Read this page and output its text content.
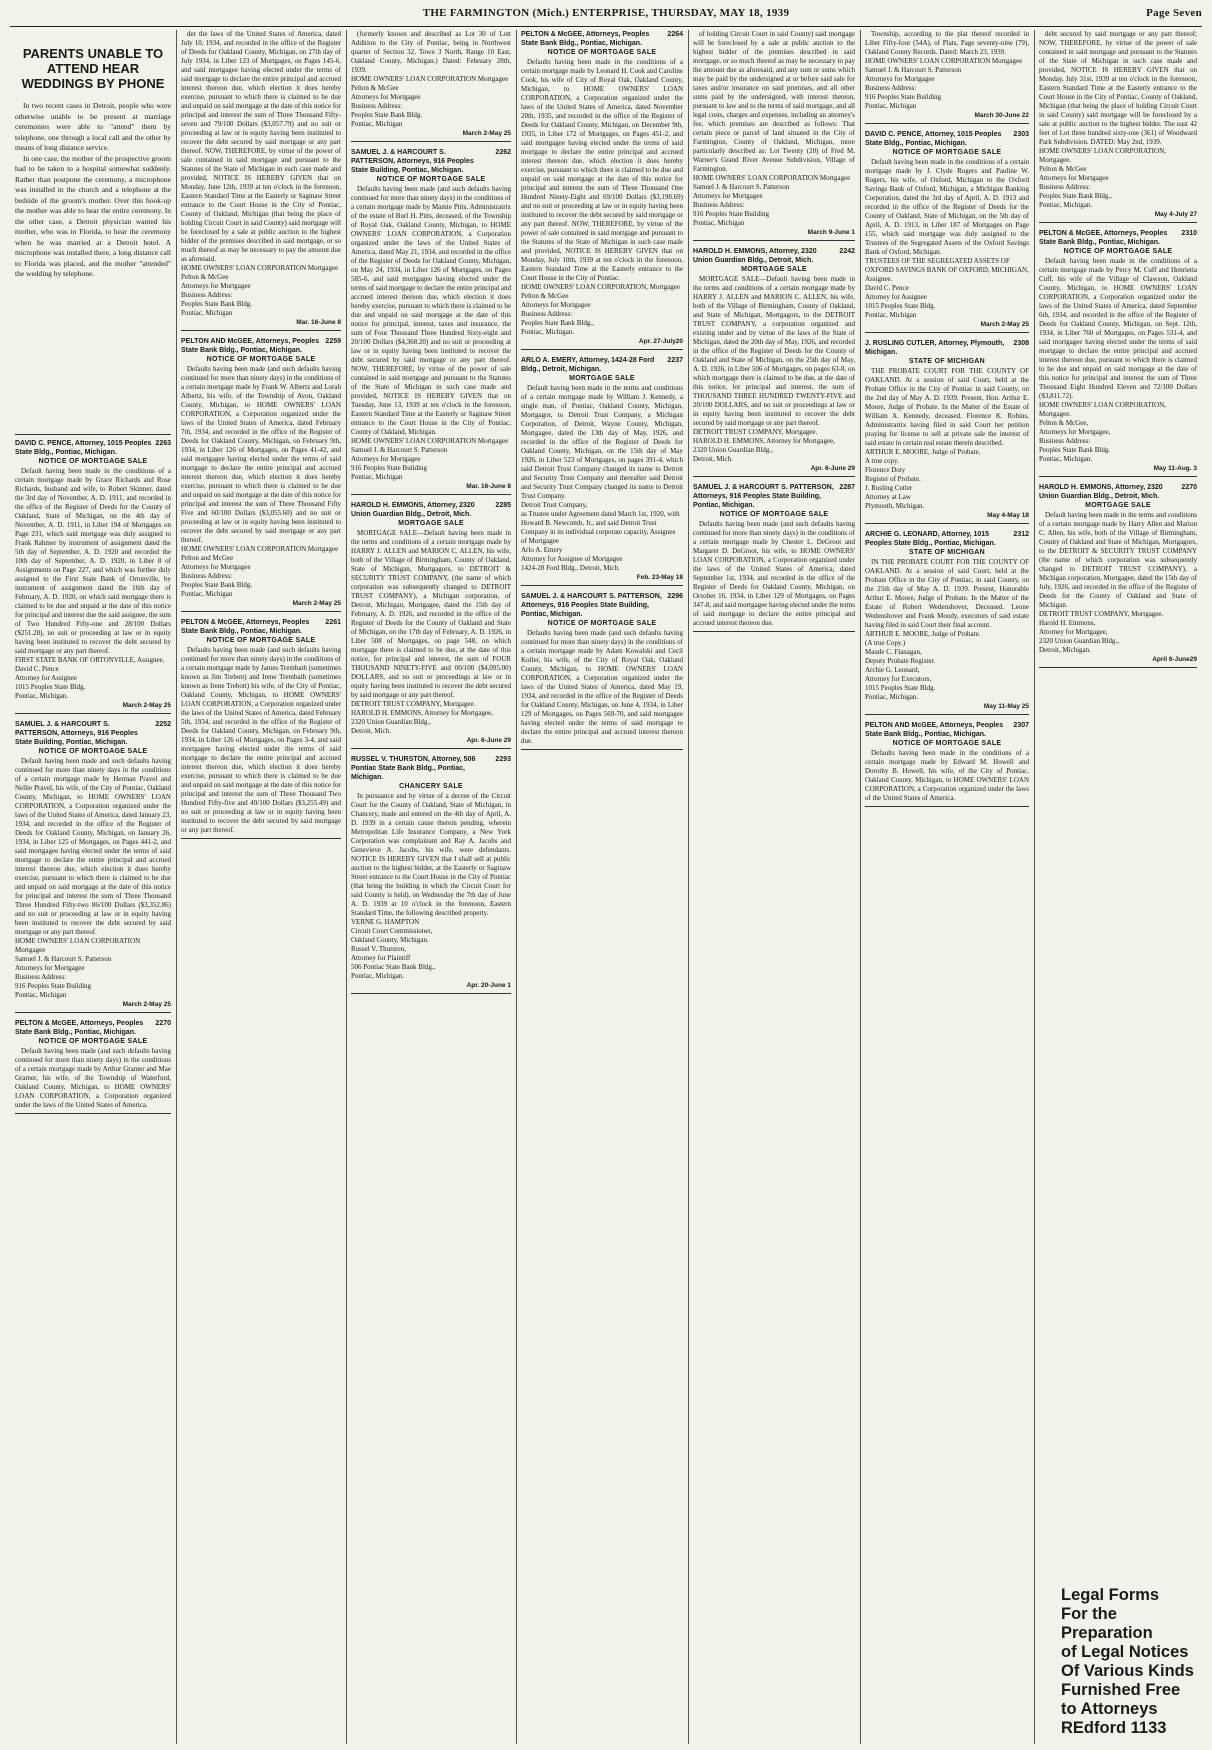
THE FARMINGTON (Mich.) ENTERPRISE, THURSDAY, MAY 18, 1939	Page Seven
PARENTS UNABLE TO ATTEND HEAR WEDDINGS BY PHONE

In two recent cases in Detroit, people who were otherwise unable to be present at marriage ceremonies were able to "attend" them by telephone, one through a local call and the other by means of long distance service.

In one case, the mother of the prospective groom had to be taken to a hospital somewhat suddenly. Rather than postpone the ceremony, a microphone was installed in the church and a telephone at the bedside of the groom's mother. Over this hook-up the mother was able to hear the entire ceremony. In the other case, a Detroit physician wanted his mother, who was in Florida, to hear the ceremony when he was married at a Detroit hotel. A microphone was installed there, a long distance call to Florida was placed, and the mother "attended" the wedding by telephone.

DAVID C. PENCE, Attorney, 1015 Peoples State Bldg., Pontiac, Michigan.
2263
NOTICE OF MORTGAGE SALE

Default having been made in the conditions of a certain mortgage made by Grace Richards and Rose Richards, husband and wife, to Robert Skinner, dated the 3rd day of November, A. D. 1911, and recorded in the office of the Register of Deeds for the County of Oakland, State of Michigan, on the 4th day of November, A. D. 1911, in Liber 194 of Mortgages on Page 231, which said mortgage was duly assigned to Frank Rahmer by instrument of assignment dated the 5th day of September, A. D. 1920 and recorded the 10th day of September, A. D. 1920, in Liber 8 of Assignments on Page 227, and which was further duly assigned to the First State Bank of Ortonville, by instrument of assignment dated the 16th day of February, A. D. 1920, on which said mortgage there is claimed to be due and unpaid at the date of this notice for principal and interest due the said assignee, the sum of Two Hundred Fifty-one and 28/100 Dollars ($251.28), no suit or proceeding at law or in equity having been instituted to recover the debt secured by said mortgage or any part thereof.

FIRST STATE BANK OF ORTONVILLE, Assignee.
David C. Pence
Attorney for Assignee
1015 Peoples State Bldg.
Pontiac, Michigan.
March 2-May 25
SAMUEL J. & HARCOURT S. PATTERSON, Attorneys, 916 Peoples State Building, Pontiac, Michigan.
2252
NOTICE OF MORTGAGE SALE

Default having been made and such defaults having continued for more than ninety days in the conditions of a certain mortgage made by Herman Pravel and Nellie Pravel, his wife, of the City of Pontiac, Oakland County, Michigan, to HOME OWNERS' LOAN CORPORATION, a Corporation organized under the laws of the United States of America, dated January 23, 1934, and recorded in the office of the Register of Deeds for Oakland County, Michigan, on January 26, 1934, in Liber 125 of Mortgages, on Pages 441-2, and said mortgagee having elected under the terms of said mortgage to declare the entire principal and accrued interest thereon due, which election it does hereby exercise, pursuant to which there is claimed to be due and unpaid on said mortgage at the date of this notice for principal and interest the sum of Three Thousand Three Hundred Fifty-two 86/100 Dollars ($3,352.86) and no suit or proceeding at law or in equity having been instituted to recover the debt secured by said mortgage or any part thereof.

HOME OWNERS' LOAN CORPORATION Mortgagee
Samuel J. & Harcourt S. Patterson
Attorneys for Mortgagee
Business Address:
916 Peoples State Building
Pontiac, Michigan
March 2-May 25
PELTON & McGEE, Attorneys, Peoples State Bank Bldg., Pontiac, Michigan.
2270
NOTICE OF MORTGAGE SALE

Default having been made (and such defaults having continued for more than ninety days) in the conditions of a certain mortgage made by Arthur Gramer and Mae Gramer, his wife, of the Township of Waterford, Oakland County, Michigan, to HOME OWNERS' LOAN CORPORATION, a Corporation organized under the laws of the United States of America.

der the laws of the United States of America, dated July 10, 1934, and recorded in the office of the Register of Deeds for Oakland County, Michigan, on 27th day of July 1934, in Liber 123 of Mortgages, on Pages 145-6, and said mortgagee having elected under the terms of said mortgage to declare the entire principal and accrued interest thereon due, which election it does hereby exercise, pursuant to which there is claimed to be due and unpaid on said mortgage at the date of this notice for principal and interest the sum of Three Thousand Fifty-seven and 79/100 Dollars ($3,057.79) and no suit or proceeding at law or in equity having been instituted to recover the debt secured by said mortgage or any part thereof. NOW, THEREFORE, by virtue of the power of sale contained in said mortgage and pursuant to the Statutes of the State of Michigan in such case made and provided, NOTICE IS HEREBY GIVEN that on Monday, June 12th, 1939 at ten o'clock in the forenoon, Eastern Standard Time at the Easterly or Saginaw Street entrance to the Court House in the City of Pontiac, County of Oakland, Michigan (that being the place of holding Circuit Court in said County) said mortgage will be foreclosed by a sale at public auction to the highest bidder of the premises described in said mortgage, or so much thereof as may be necessary to pay the amount due as aforesaid.

HOME OWNERS' LOAN CORPORATION Mortgagee
Pelton & McGee
Attorneys for Mortgagee
Business Address:
Peoples State Bank Bldg.
Pontiac, Michigan
Mar. 16-June 8
PELTON AND McGEE, Attorneys, Peoples State Bank Bldg., Pontiac, Michigan.
2259
NOTICE OF MORTGAGE SALE

Defaults having been made (and such defaults having continued for more than ninety days) in the conditions of a certain mortgage made by Frank W. Albertz and Lorah Albertz, his wife, of the Township of Avon, Oakland County, Michigan, to HOME OWNERS' LOAN CORPORATION, a Corporation organized under the laws of the United States of America, dated February 7th, 1934, and recorded in the office of the Register of Deeds for Oakland County, Michigan, on February 9th, 1934, in Liber 126 of Mortgages, on Pages 41-42, and said mortgagee having elected under the terms of said mortgage to declare the entire principal and accrued interest thereon due, which election it does hereby exercise, pursuant to which there is claimed to be due and unpaid on said mortgage at the date of this notice for principal and interest the sum of Three Thousand Fifty Five and 60/100 Dollars ($3,055.60) and no suit or proceeding at law or in equity having been instituted to recover the debt secured by said mortgage or any part thereof.

HOME OWNERS' LOAN CORPORATION Mortgagee
Pelton and McGee
Attorneys for Mortgagee
Business Address:
Peoples State Bank Bldg.
Pontiac, Michigan
March 2-May 25
PELTON & McGEE, Attorneys, Peoples State Bank Bldg., Pontiac, Michigan.
2261
NOTICE OF MORTGAGE SALE

Defaults having been made (and such defaults having continued for more than ninety days) in the conditions of a certain mortgage made by James Trembath (sometimes known as Jim Trebott) and Irene Trembath (sometimes known as Irene Trebott) his wife, of the City of Pontiac, Oakland County, Michigan, to HOME OWNERS' LOAN CORPORATION, a Corporation organized under the laws of the United States of America, dated February 5th, 1934, and recorded in the office of the Register of Deeds for Oakland County, Michigan, on February 9th, 1934, in Liber 126 of Mortgages, on Pages 3-4, and said mortgagee having elected under the terms of said mortgage to declare the entire principal and accrued interest thereon due, which election it does hereby exercise, pursuant to which there is claimed to be due and unpaid on said mortgage at the date of this notice for principal and interest the sum of Three Thousand Two Hundred Fifty-five and 49/100 Dollars ($3,255.49) and no suit or proceeding at law or in equity having been instituted to recover the debt secured by said mortgage or any part thereof.

(formerly known and described as Lot 30 of Lott Addition to the City of Pontiac, being in Northwest quarter of Section 32, Town 3 North, Range 10 East, Oakland County, Michigan.) Dated: February 28th, 1939.

HOME OWNERS' LOAN CORPORATION Mortgagee
Pelton & McGee
Attorneys for Mortgagee
Business Address:
Peoples State Bank Bldg.
Pontiac, Michigan
March 2-May 25
SAMUEL J. & HARCOURT S. PATTERSON, Attorneys, 916 Peoples State Building, Pontiac, Michigan.
2262
NOTICE OF MORTGAGE SALE

Defaults having been made (and such defaults having continued for more than ninety days) in the conditions of a certain mortgage made by Mamie Pitts, Administratrix of the estate of Burl H. Pitts, deceased, of the Township of Royal Oak, Oakland County, Michigan, to HOME OWNERS' LOAN CORPORATION, a Corporation organized under the laws of the United States of America, dated May 21, 1934, and recorded in the office of the Register of Deeds for Oakland County, Michigan, on May 24, 1934, in Liber 126 of Mortgages, on Pages 585-6, and said mortgagee having elected under the terms of said mortgage to declare the entire principal and accrued interest thereon due, which election it does hereby exercise, pursuant to which there is claimed to be due and unpaid on said mortgage at the date of this notice for principal, interest, taxes and insurance, the sum of Four Thousand Three Hundred Sixty-eight and 20/100 Dollars ($4,368.20) and no suit or proceeding at law or in equity having been instituted to recover the debt secured by said mortgage or any part thereof. NOW, THEREFORE, by virtue of the power of sale contained in said mortgage and pursuant to the Statutes of the State of Michigan in such case made and provided, NOTICE IS HEREBY GIVEN that on Tuesday, June 13, 1939 at ten o'clock in the forenoon, Eastern Standard Time at the Easterly or Saginaw Street entrance to the Court House in the City of Pontiac, County of Oakland, Michigan.

HOME OWNERS' LOAN CORPORATION Mortgagee
Samuel J. & Harcourt S. Patterson
Attorneys for Mortgagee
916 Peoples State Building
Pontiac, Michigan
Mar. 16-June 8
HAROLD H. EMMONS, Attorney, 2320 Union Guardian Bldg., Detroit, Mich.
2285
MORTGAGE SALE

MORTGAGE SALE—Default having been made in the terms and conditions of a certain mortgage made by HARRY J. ALLEN and MARION C. ALLEN, his wife, both of the Village of Birmingham, County of Oakland, State of Michigan, Mortgagors, to DETROIT & SECURITY TRUST COMPANY, (the name of which corporation was subsequently changed to DETROIT TRUST COMPANY), a Michigan corporation, of Detroit, Michigan, Mortgagee, dated the 15th day of February, A. D. 1926, and recorded in the office of the Register of Deeds for the County of Oakland and State of Michigan, on the 17th day of February, A. D. 1926, in Liber 508 of Mortgages, on page 548, on which mortgage there is claimed to be due, at the date of this notice, for principal and interest, the sum of FOUR THOUSAND NINETY-FIVE and 00/100 ($4,095.00) DOLLARS, and no suit or proceedings at law or in equity having been instituted to recover the debt secured by said mortgage or any part thereof.

DETROIT TRUST COMPANY, Mortgagee.
HAROLD H. EMMONS, Attorney for Mortgagee,
2320 Union Guardian Bldg.,
Detroit, Mich.
Apr. 6-June 29
RUSSEL V. THURSTON, Attorney, 506 Pontiac State Bank Bldg., Pontiac, Michigan.
2293
CHANCERY SALE

In pursuance and by virtue of a decree of the Circuit Court for the County of Oakland, State of Michigan, in Chancery, made and entered on the 4th day of April, A. D. 1939 in a certain cause therein pending, wherein Metropolitan Life Insurance Company, a New York Corporation was complainant and Ray A. Jacobs and Genevieve A. Jacobs, his wife, were defendants. NOTICE IS HEREBY GIVEN that I shall sell at public auction to the highest bidder, at the Easterly or Saginaw Street entrance to the Court House in the City of Pontiac (that being the building in which the Circuit Court for said County is held), on Wednesday the 7th day of June A. D. 1939 at 10 o'clock in the forenoon, Eastern Standard Time, the following described property.

VERNE G. HAMPTON
Circuit Court Commissioner,
Oakland County, Michigan.
Russel V. Thurston,
Attorney for Plaintiff
506 Pontiac State Bank Bldg.,
Pontiac, Michigan.
Apr. 20-June 1
PELTON & McGEE, Attorneys, Peoples State Bank Bldg., Pontiac, Michigan.
2264
NOTICE OF MORTGAGE SALE

Defaults having been made in the conditions of a certain mortgage made by Leonard H. Cook and Caroline Cook, his wife of City of Royal Oak, Oakland County, Michigan, to HOME OWNERS' LOAN CORPORATION, a Corporation organized under the laws of the United States of America, dated November 20th, 1935, and recorded in the office of the Register of Deeds for Oakland County, Michigan, on December 9th, 1935, in Liber 172 of Mortgages, on Pages 451-2, and said mortgagee having elected under the terms of said mortgage to declare the entire principal and accrued interest thereon due, which election it does hereby exercise, pursuant to which there is claimed to be due and unpaid on said mortgage at the date of this notice for principal and interest the sum of Three Thousand One Hundred Ninety-Eight and 69/100 Dollars ($3,198.69) and no suit or proceeding at law or in equity having been instituted to recover the debt secured by said mortgage or any part thereof. NOW, THEREFORE, by virtue of the power of sale contained in said mortgage and pursuant to the Statutes of the State of Michigan in such case made and provided, NOTICE IS HEREBY GIVEN that on Monday, July 10th, 1939 at ten o'clock in the forenoon, Eastern Standard Time at the Easterly entrance to the Court House in the City of Pontiac.

HOME OWNERS' LOAN CORPORATION, Mortgagee
Pelton & McGee
Attorneys for Mortgagee
Business Address:
Peoples State Bank Bldg.,
Pontiac, Michigan.
Apr. 27-July20
ARLO A. EMERY, Attorney, 1424-28 Ford Bldg., Detroit, Michigan.
2237
MORTGAGE SALE

Default having been made in the terms and conditions of a certain mortgage made by William J. Kennedy, a single man, of Pontiac, Oakland County, Michigan, Mortgagor, to Detroit Trust Company, a Michigan Corporation, of Detroit, Wayne County, Michigan, Mortgagee, dated the 13th day of May, 1926, and recorded in the office of the Register of Deeds for Oakland County, Michigan, on the 15th day of May 1926, in Liber 523 of Mortgages, on pages 391-4, which said Detroit Trust Company changed its name to Detroit and Security Trust Company and thereafter said Detroit and Security Trust Company changed its name to Detroit Trust Company.

Detroit Trust Company,
as Trustee under Agreement dated March 1st, 1920, with Howard B. Newcomb, Jr., and said Detroit Trust Company in its individual corporate capacity, Assignee of Mortgagee
Arlo A. Emery
Attorney for Assignee of Mortgagee
1424-28 Ford Bldg., Detroit, Mich.
Feb. 23-May 18
SAMUEL J. & HARCOURT S. PATTERSON, Attorneys, 916 Peoples State Building, Pontiac, Michigan.
2296
NOTICE OF MORTGAGE SALE

Defaults having been made (and such defaults having continued for more than ninety days) in the conditions of a certain mortgage made by Adam Kowalski and Cecil Koller, his wife, of the City of Royal Oak, Oakland County, Michigan, to HOME OWNERS' LOAN CORPORATION, a Corporation organized under the laws of the United States of America, dated May 19, 1934, and recorded in the office of the Register of Deeds for Oakland County, Michigan, on June 4, 1934, in Liber 129 of Mortgages, on Pages 569-70, and said mortgagee having elected under the terms of said mortgage to declare the entire principal and accrued interest thereon due.

of holding Circuit Court in said County) said mortgage will be foreclosed by a sale at public auction to the highest bidder of the premises described in said mortgage, or so much thereof as may be necessary to pay the amount due as aforesaid, and any sum or sums which may be paid by the undersigned at or before said sale for taxes and/or insurance on said premises, and all other sums paid by the undersigned, with interest thereon, pursuant to law and to the terms of said mortgage, and all legal costs, charges and expenses, including an attorney's fee, which premises are described as follows: That certain piece or parcel of land situated in the City of Farmington, County of Oakland, Michigan, more particularly described as: Lot Twenty (20) of Fred M. Warner's Grand River Avenue Subdivision, Village of Farmington.

HOME OWNERS' LOAN CORPORATION Mortgagee
Samuel J. & Harcourt S. Patterson
Attorneys for Mortgagee
Business Address:
916 Peoples State Building
Pontiac, Michigan
March 9-June 1
HAROLD H. EMMONS, Attorney, 2320 Union Guardian Bldg., Detroit, Mich.
2242
MORTGAGE SALE

MORTGAGE SALE—Default having been made in the terms and conditions of a certain mortgage made by HARRY J. ALLEN and MARION C. ALLEN, his wife, both of the Village of Birmingham, County of Oakland, and State of Michigan, Mortgagors, to the DETROIT TRUST COMPANY, a corporation organized and existing under and by virtue of the laws of the State of Michigan, dated the 20th day of May, 1926, and recorded in the office of the Register of Deeds for the County of Oakland and State of Michigan, on the 25th day of May, A. D. 1926, in Liber 506 of Mortgages, on pages 63-8, on which mortgage there is claimed to be due, at the date of this notice, for principal and interest, the sum of THOUSAND THREE HUNDRED TWENTY-FIVE and 20/100 DOLLARS, and no suit or proceedings at law or in equity having been instituted to recover the debt secured by said mortgage or any part thereof.

DETROIT TRUST COMPANY, Mortgagee.
HAROLD H. EMMONS, Attorney for Mortgagee,
2320 Union Guardian Bldg.,
Detroit, Mich.
Apr. 6-June 29
SAMUEL J. & HARCOURT S. PATTERSON, Attorneys, 916 Peoples State Building, Pontiac, Michigan.
2287
NOTICE OF MORTGAGE SALE

Defaults having been made (and such defaults having continued for more than ninety days) in the conditions of a certain mortgage made by Chester L. DeGroot and Margaret D. DeGroot, his wife, to HOME OWNERS' LOAN CORPORATION, a Corporation organized under the laws of the United States of America, dated September 1st, 1934, and recorded in the office of the Register of Deeds for Oakland County, Michigan, on October 16, 1934, in Liber 129 of Mortgages, on Pages 347-8, and said mortgagee having elected under the terms of said mortgage to declare the entire principal and accrued interest thereon due.

Township, according to the plat thereof recorded in Liber Fifty-four (54A), of Plats, Page seventy-nine (79), Oakland County Records. Dated: March 23, 1939.

HOME OWNERS' LOAN CORPORATION Mortgagee
Samuel J. & Harcourt S. Patterson
Attorneys for Mortgagee
Business Address:
916 Peoples State Building
Pontiac, Michigan
March 30-June 22
DAVID C. PENCE, Attorney, 1015 Peoples State Bldg., Pontiac, Michigan.
2303
NOTICE OF MORTGAGE SALE

Default having been made in the conditions of a certain mortgage made by J. Clyde Rogers and Pauline W. Rogers, his wife, of Oxford, Michigan to the Oxford Savings Bank of Oxford, Michigan, a Michigan Banking Corporation, dated the 3rd day of April, A. D. 1913 and recorded in the office of the Register of Deeds for the County of Oakland, State of Michigan, on the 5th day of April, A. D. 1913, in Liber 187 of Mortgages on Page 155, which said mortgage was duly assigned to the Trustees of the Segregated Assets of the Oxford Savings Bank of Oxford, Michigan.

TRUSTEES OF THE SEGREGATED ASSETS OF OXFORD SAVINGS BANK OF OXFORD, MICHIGAN, Assignee.
David C. Pence
Attorney for Assignee
1015 Peoples State Bldg.
Pontiac, Michigan
March 2-May 25
J. RUSLING CUTLER, Attorney, Plymouth, Michigan.
2308
STATE OF MICHIGAN

THE PROBATE COURT FOR THE COUNTY OF OAKLAND. At a session of said Court, held at the Probate Office in the City of Pontiac in said County, on the 2nd day of May A. D. 1939. Present, Hon. Arthur E. Moore, Judge of Probate. In the Matter of the Estate of William A. Kennedy, deceased. Florence K. Robins, Administratrix having filed in said Court her petition praying for license to sell at private sale the interest of said estate in certain real estate therein described.

ARTHUR E. MOORE, Judge of Probate.
A true copy.
Florence Doty
Register of Probate.
J. Rusling Cutler
Attorney at Law
Plymouth, Michigan.
May 4-May 18
ARCHIE G. LEONARD, Attorney, 1015 Peoples State Bldg., Pontiac, Michigan.
2312
STATE OF MICHIGAN

IN THE PROBATE COURT FOR THE COUNTY OF OAKLAND. At a session of said Court, held at the Probate Office in the City of Pontiac, in said County, on the 25th day of May A. D. 1939. Present, Honorable Arthur E. Moore, Judge of Probate. In the Matter of the Estate of Robert Wedenshover, Deceased. Leone Wedenshover and Frank Moody, executors of said estate having filed in said Court their final account.

ARTHUR E. MOORE, Judge of Probate.
(A true Copy.)
Maude C. Flanagan,
Deputy Probate Register.
Archie G. Leonard,
Attorney for Executors,
1015 Peoples State Bldg.
Pontiac, Michigan.
May 11-May 25
PELTON AND McGEE, Attorneys, Peoples State Bank Bldg., Pontiac, Michigan.
2307
NOTICE OF MORTGAGE SALE

Defaults having been made in the conditions of a certain mortgage made by Edward M. Howell and Dorothy B. Howell, his wife, of the City of Pontiac, Oakland County, Michigan, to HOME OWNERS' LOAN CORPORATION, a Corporation organized under the laws of the United States of America.

debt secured by said mortgage or any part thereof; NOW, THEREFORE, by virtue of the power of sale contained in said mortgage and pursuant to the Statutes of the State of Michigan in such case made and provided, NOTICE IS HEREBY GIVEN that on Monday, July 31st, 1939 at ten o'clock in the forenoon, Eastern Standard Time at the Easterly entrance to the Court House in the City of Pontiac, County of Oakland, Michigan (that being the place of holding Circuit Court in said County) said mortgage will be foreclosed by a sale at public auction to the highest bidder. The east 42 feet of Lot three hundred sixty-one (361) of Woodward Park Subdivision. DATED: May 2nd, 1939.

HOME OWNERS' LOAN CORPORATION, Mortgagee.
Pelton & McGee
Attorneys for Mortgagee
Business Address:
Peoples State Bank Bldg.,
Pontiac, Michigan.
May 4-July 27
PELTON & McGEE, Attorneys, Peoples State Bank Bldg., Pontiac, Michigan.
2310
NOTICE OF MORTGAGE SALE

Default having been made in the conditions of a certain mortgage made by Percy M. Cuff and Henrietta Cuff, his wife of the Village of Clawson, Oakland County, Michigan, to HOME OWNERS' LOAN CORPORATION, a Corporation organized under the laws of the United States of America, dated September 6th, 1934, and recorded in the office of the Register of Deeds for Oakland County, Michigan, on Sept. 12th, 1934, in Liber 760 of Mortgages, on Pages 531-4, and said mortgagee having elected under the terms of said mortgage to declare the entire principal and accrued interest thereon due, pursuant to which there is claimed to be due and unpaid on said mortgage at the date of this notice for principal and interest the sum of Three Thousand Eight Hundred Eleven and 72/100 Dollars ($3,811.72).

HOME OWNERS' LOAN CORPORATION, Mortgagee.
Pelton & McGee,
Attorneys for Mortgagee,
Business Address:
Peoples State Bank Bldg.
Pontiac, Michigan.
May 11-Aug. 3
HAROLD H. EMMONS, Attorney, 2320 Union Guardian Bldg., Detroit, Mich.
2270
MORTGAGE SALE

Default having been made in the terms and conditions of a certain mortgage made by Harry Allen and Marion C. Allen, his wife, both of the Village of Birmingham, County of Oakland and State of Michigan, Mortgagors, to the DETROIT & SECURITY TRUST COMPANY (the name of which corporation was subsequently changed to DETROIT TRUST COMPANY), a Michigan corporation, Mortgagee, dated the 15th day of July, 1926, and recorded in the office of the Register of Deeds for the County of Oakland and State of Michigan.

DETROIT TRUST COMPANY, Mortgagee.
Harold H. Emmons,
Attorney for Mortgagee,
2320 Union Guardian Bldg.,
Detroit, Michigan.
April 6-June29
Legal Forms
For the Preparation
of Legal Notices
Of Various Kinds
Furnished Free
to Attorneys
REdford 1133
